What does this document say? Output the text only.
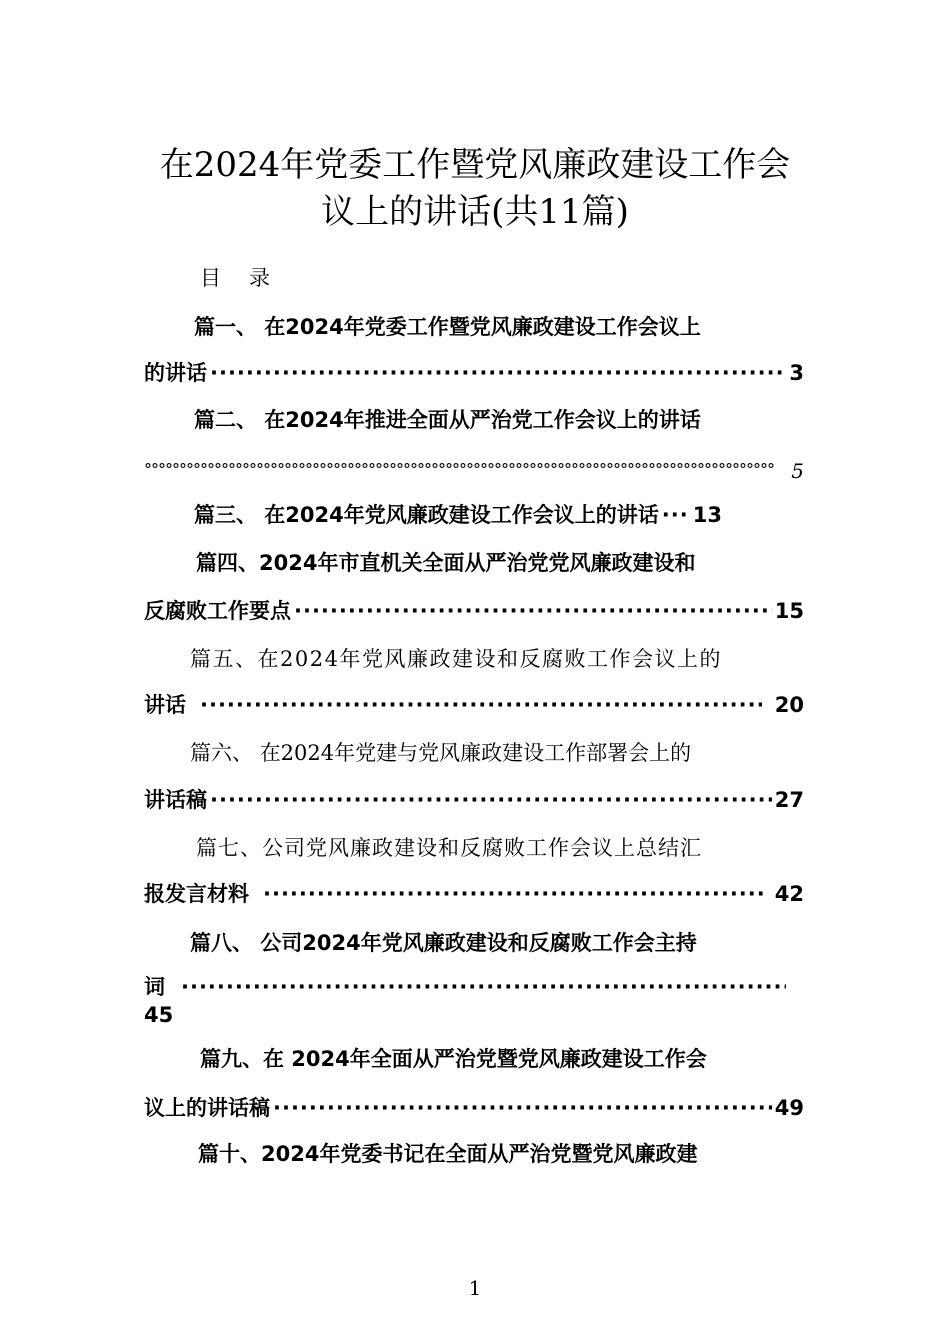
在2024年党委工作暨党风廉政建设工作会
议上的讲话(共11篇)
目录
篇一、 在2024年党委工作暨党风廉政建设工作会议上
的讲话 ·····	3
篇二、 在2024年推进全面从严治党工作会议上的讲话
°°°°°°°°°°°°°°°°°°°°°°°°°°°°°°°°°°°°°°°°°°°°°°°°°°°°°°°°°°°°°°°°°°°°°°°°°°°°°°°°°°°°°°°°°°°°°°°°°°°°°°°°°°°°°°°°°°°°°°°°°°°°
5
篇三、 在2024年党风廉政建设工作会议上的讲话 ····· 13
篇四、2024年市直机关全面从严治党党风廉政建设和
反腐败工作要点 ·····	15
篇五、在2024年党风廉政建设和反腐败工作会议上的
讲话 ·····	20
篇六、 在2024年党建与党风廉政建设工作部署会上的
讲话稿 ·····	27
篇七、公司党风廉政建设和反腐败工作会议上总结汇
报发言材料 ·····	42
篇八、 公司2024年党风廉政建设和反腐败工作会主持
词
·····
45
篇九、在 2024年全面从严治党暨党风廉政建设工作会
议上的讲话稿 ·····	49
篇十、2024年党委书记在全面从严治党暨党风廉政建
1
